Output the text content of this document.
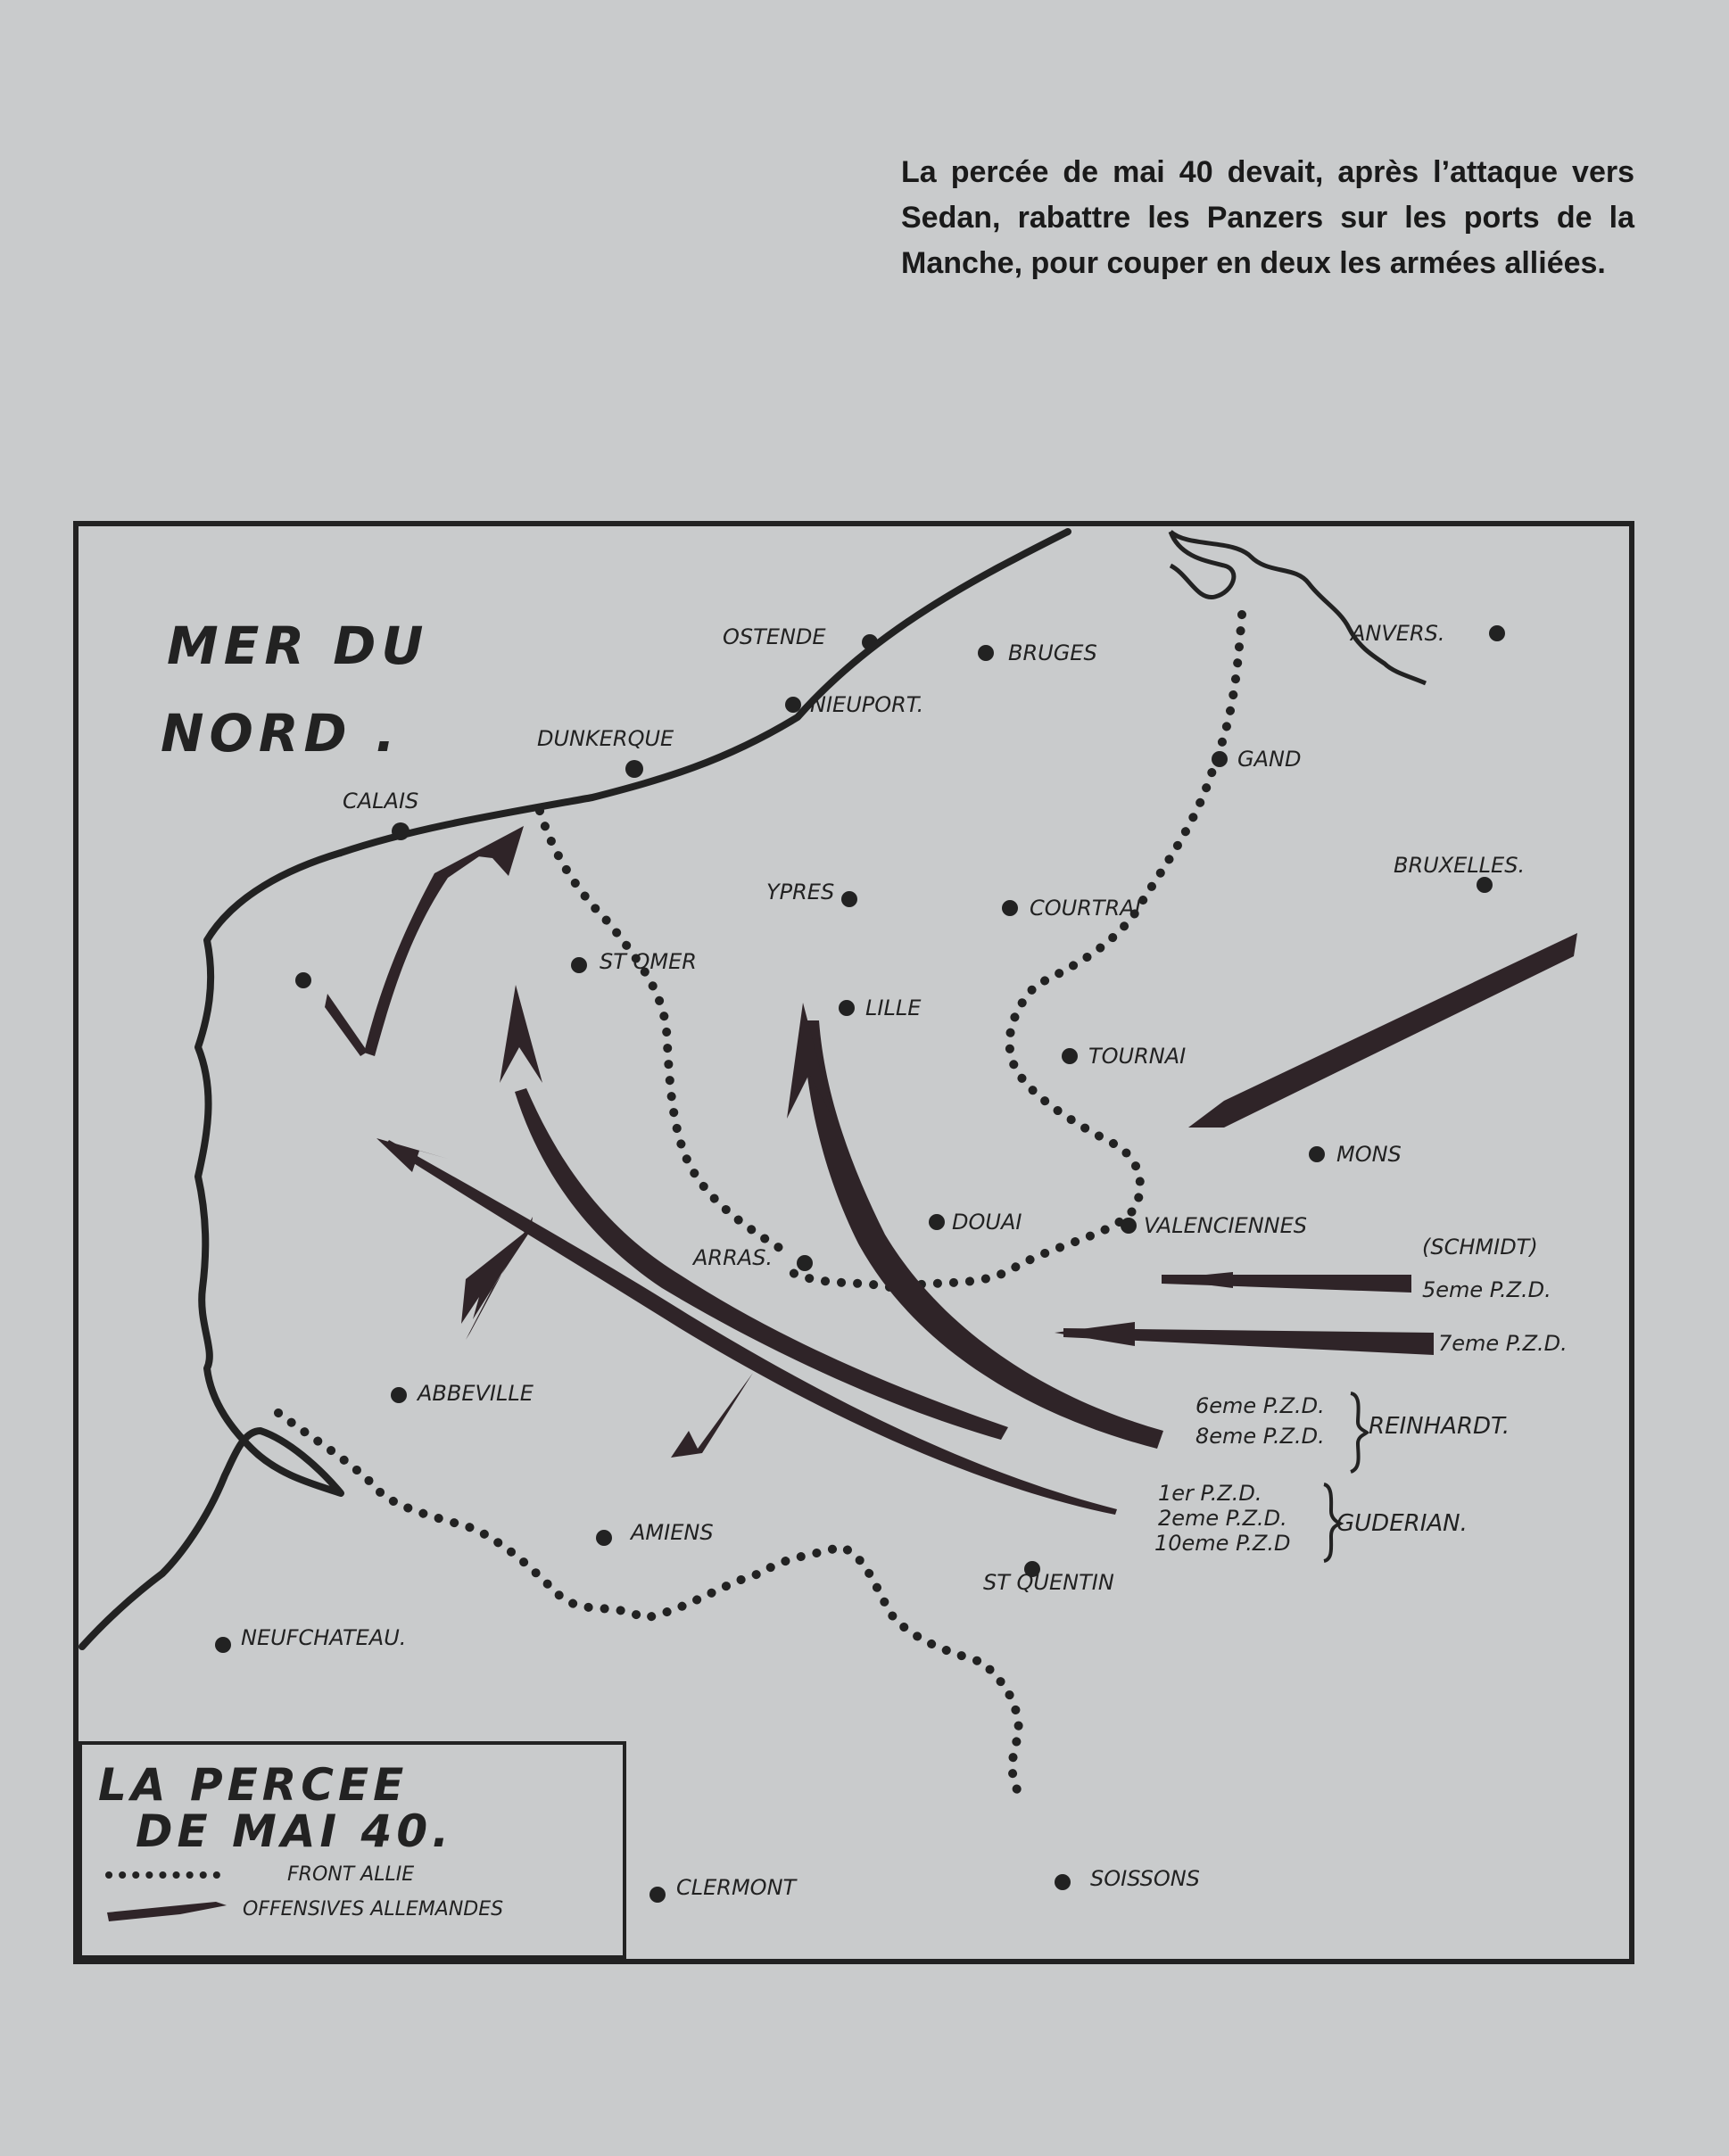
La percée de mai 40 devait, après l’attaque vers Sedan, rabattre les Panzers sur les ports de la Manche, pour couper en deux les armées alliées.

MER DU
NORD .
OSTENDE
BRUGES
ANVERS.
NIEUPORT.
DUNKERQUE
GAND
CALAIS
BRUXELLES.
YPRES
COURTRAI
ST OMER
LILLE
TOURNAI
MONS
DOUAI	VALENCIENNES
ARRAS.
ABBEVILLE
AMIENS
ST QUENTIN
NEUFCHATEAU.
CLERMONT	SOISSONS
(SCHMIDT)
5eme P.Z.D.
7eme P.Z.D.
6eme P.Z.D.
8eme P.Z.D. REINHARDT.
1er P.Z.D.
2eme P.Z.D.
10eme P.Z.D
GUDERIAN.
LA PERCEE
DE MAI 40.
FRONT ALLIE
OFFENSIVES ALLEMANDES
